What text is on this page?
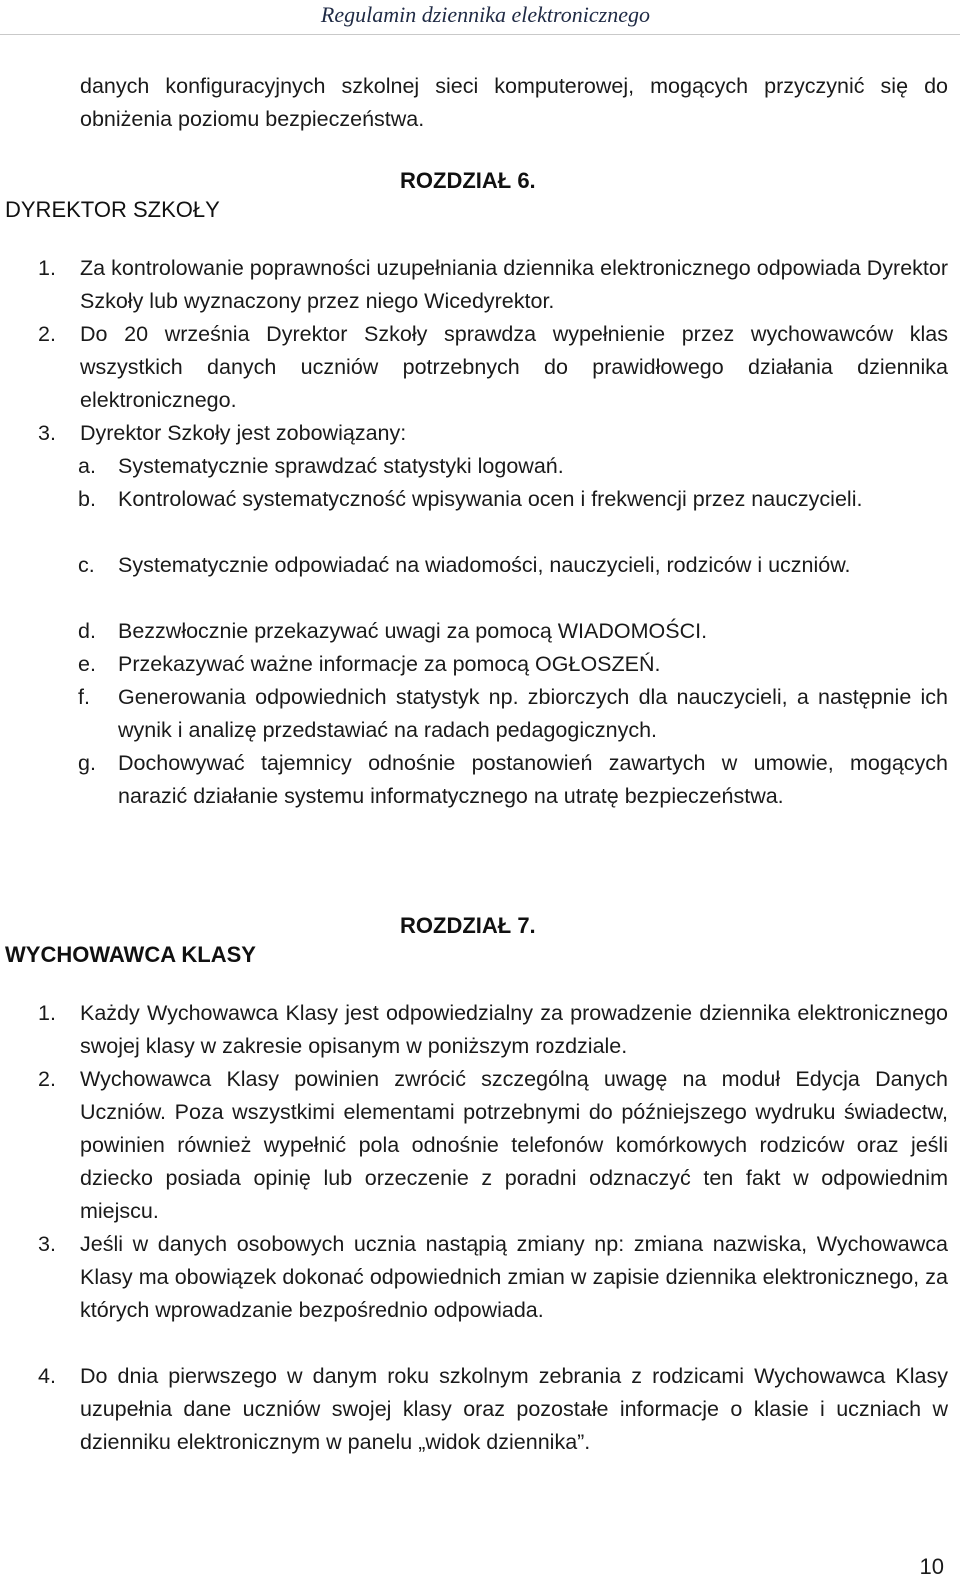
Regulamin dziennika elektronicznego

danych konfiguracyjnych szkolnej sieci komputerowej, mogących przyczynić się do obniżenia poziomu bezpieczeństwa.

ROZDZIAŁ 6.
DYREKTOR SZKOŁY
1. Za kontrolowanie poprawności uzupełniania dziennika elektronicznego odpowiada Dyrektor Szkoły lub wyznaczony przez niego Wicedyrektor.
2. Do 20 września Dyrektor Szkoły sprawdza wypełnienie przez wychowawców klas wszystkich danych uczniów potrzebnych do prawidłowego działania dziennika elektronicznego.
3. Dyrektor Szkoły jest zobowiązany:
a. Systematycznie sprawdzać statystyki logowań.
b. Kontrolować systematyczność wpisywania ocen i frekwencji przez nauczycieli.
c. Systematycznie odpowiadać na wiadomości, nauczycieli, rodziców i uczniów.
d. Bezzwłocznie przekazywać uwagi za pomocą WIADOMOŚCI.
e. Przekazywać ważne informacje za pomocą OGŁOSZEŃ.
f. Generowania odpowiednich statystyk np. zbiorczych dla nauczycieli, a następnie ich wynik i analizę przedstawiać na radach pedagogicznych.
g. Dochowywać tajemnicy odnośnie postanowień zawartych w umowie, mogących narazić działanie systemu informatycznego na utratę bezpieczeństwa.
ROZDZIAŁ 7.
WYCHOWAWCA KLASY
1. Każdy Wychowawca Klasy jest odpowiedzialny za prowadzenie dziennika elektronicznego swojej klasy w zakresie opisanym w poniższym rozdziale.
2. Wychowawca Klasy powinien zwrócić szczególną uwagę na moduł Edycja Danych Uczniów. Poza wszystkimi elementami potrzebnymi do późniejszego wydruku świadectw, powinien również wypełnić pola odnośnie telefonów komórkowych rodziców oraz jeśli dziecko posiada opinię lub orzeczenie z poradni odznaczyć ten fakt w odpowiednim miejscu.
3. Jeśli w danych osobowych ucznia nastąpią zmiany np: zmiana nazwiska, Wychowawca Klasy ma obowiązek dokonać odpowiednich zmian w zapisie dziennika elektronicznego, za których wprowadzanie bezpośrednio odpowiada.
4. Do dnia pierwszego w danym roku szkolnym zebrania z rodzicami Wychowawca Klasy uzupełnia dane uczniów swojej klasy oraz pozostałe informacje o klasie i uczniach w dzienniku elektronicznym w panelu „widok dziennika”.
10
